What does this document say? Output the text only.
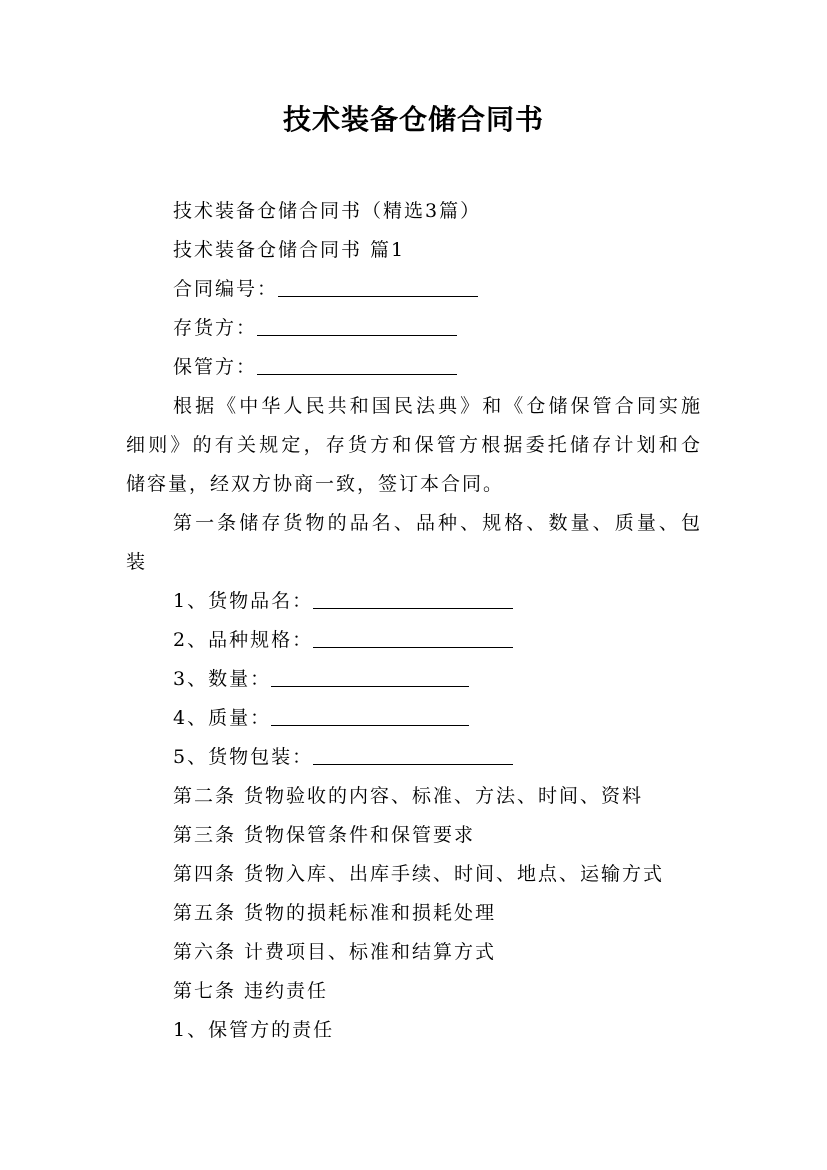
技术装备仓储合同书
技术装备仓储合同书（精选3篇）
技术装备仓储合同书 篇1
合同编号：
存货方：
保管方：
根据《中华人民共和国民法典》和《仓储保管合同实施
细则》的有关规定，存货方和保管方根据委托储存计划和仓
储容量，经双方协商一致，签订本合同。
第一条储存货物的品名、品种、规格、数量、质量、包
装
1、货物品名：
2、品种规格：
3、数量：
4、质量：
5、货物包装：
第二条 货物验收的内容、标准、方法、时间、资料
第三条 货物保管条件和保管要求
第四条 货物入库、出库手续、时间、地点、运输方式
第五条 货物的损耗标准和损耗处理
第六条 计费项目、标准和结算方式
第七条 违约责任
1、保管方的责任
